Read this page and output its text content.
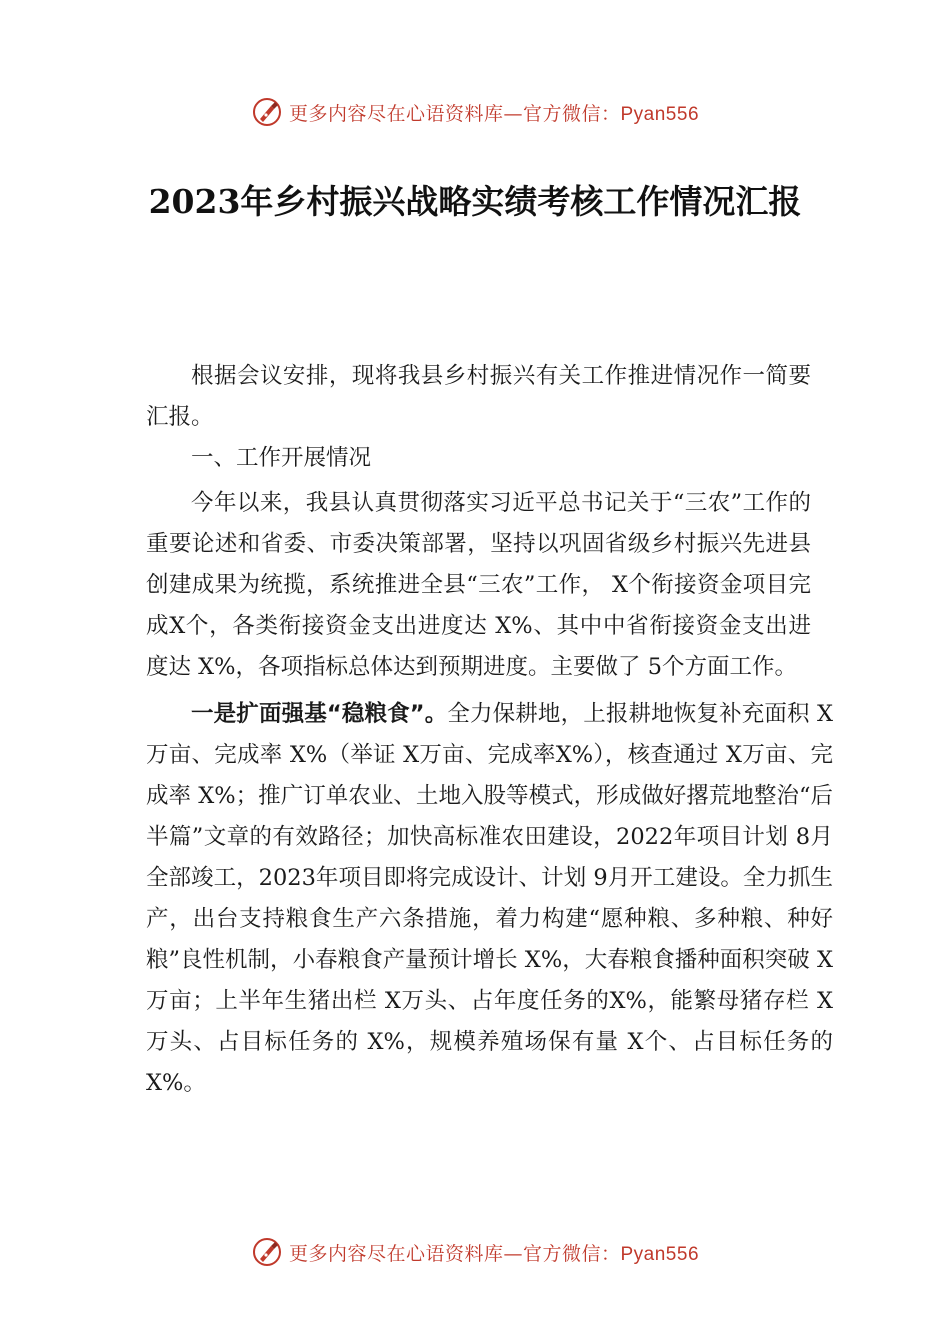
更多内容尽在心语资料库—官方微信：Pyan556
2023年乡村振兴战略实绩考核工作情况汇报

根据会议安排，现将我县乡村振兴有关工作推进情况作一简要汇报。

一、工作开展情况

今年以来，我县认真贯彻落实习近平总书记关于“三农”工作的重要论述和省委、市委决策部署，坚持以巩固省级乡村振兴先进县创建成果为统揽，系统推进全县“三农”工作， X个衔接资金项目完成X个，各类衔接资金支出进度达 X%、其中中省衔接资金支出进度达 X%，各项指标总体达到预期进度。主要做了 5个方面工作。

一是扩面强基“稳粮食”。全力保耕地，上报耕地恢复补充面积 X万亩、完成率 X%（举证 X万亩、完成率X%），核查通过 X万亩、完成率 X%；推广订单农业、土地入股等模式，形成做好撂荒地整治“后半篇”文章的有效路径；加快高标准农田建设，2022年项目计划 8月全部竣工，2023年项目即将完成设计、计划 9月开工建设。全力抓生产，出台支持粮食生产六条措施，着力构建“愿种粮、多种粮、种好粮”良性机制，小春粮食产量预计增长 X%，大春粮食播种面积突破 X万亩；上半年生猪出栏 X万头、占年度任务的X%，能繁母猪存栏 X万头、占目标任务的 X%，规模养殖场保有量 X个、占目标任务的 X%。

更多内容尽在心语资料库—官方微信：Pyan556
